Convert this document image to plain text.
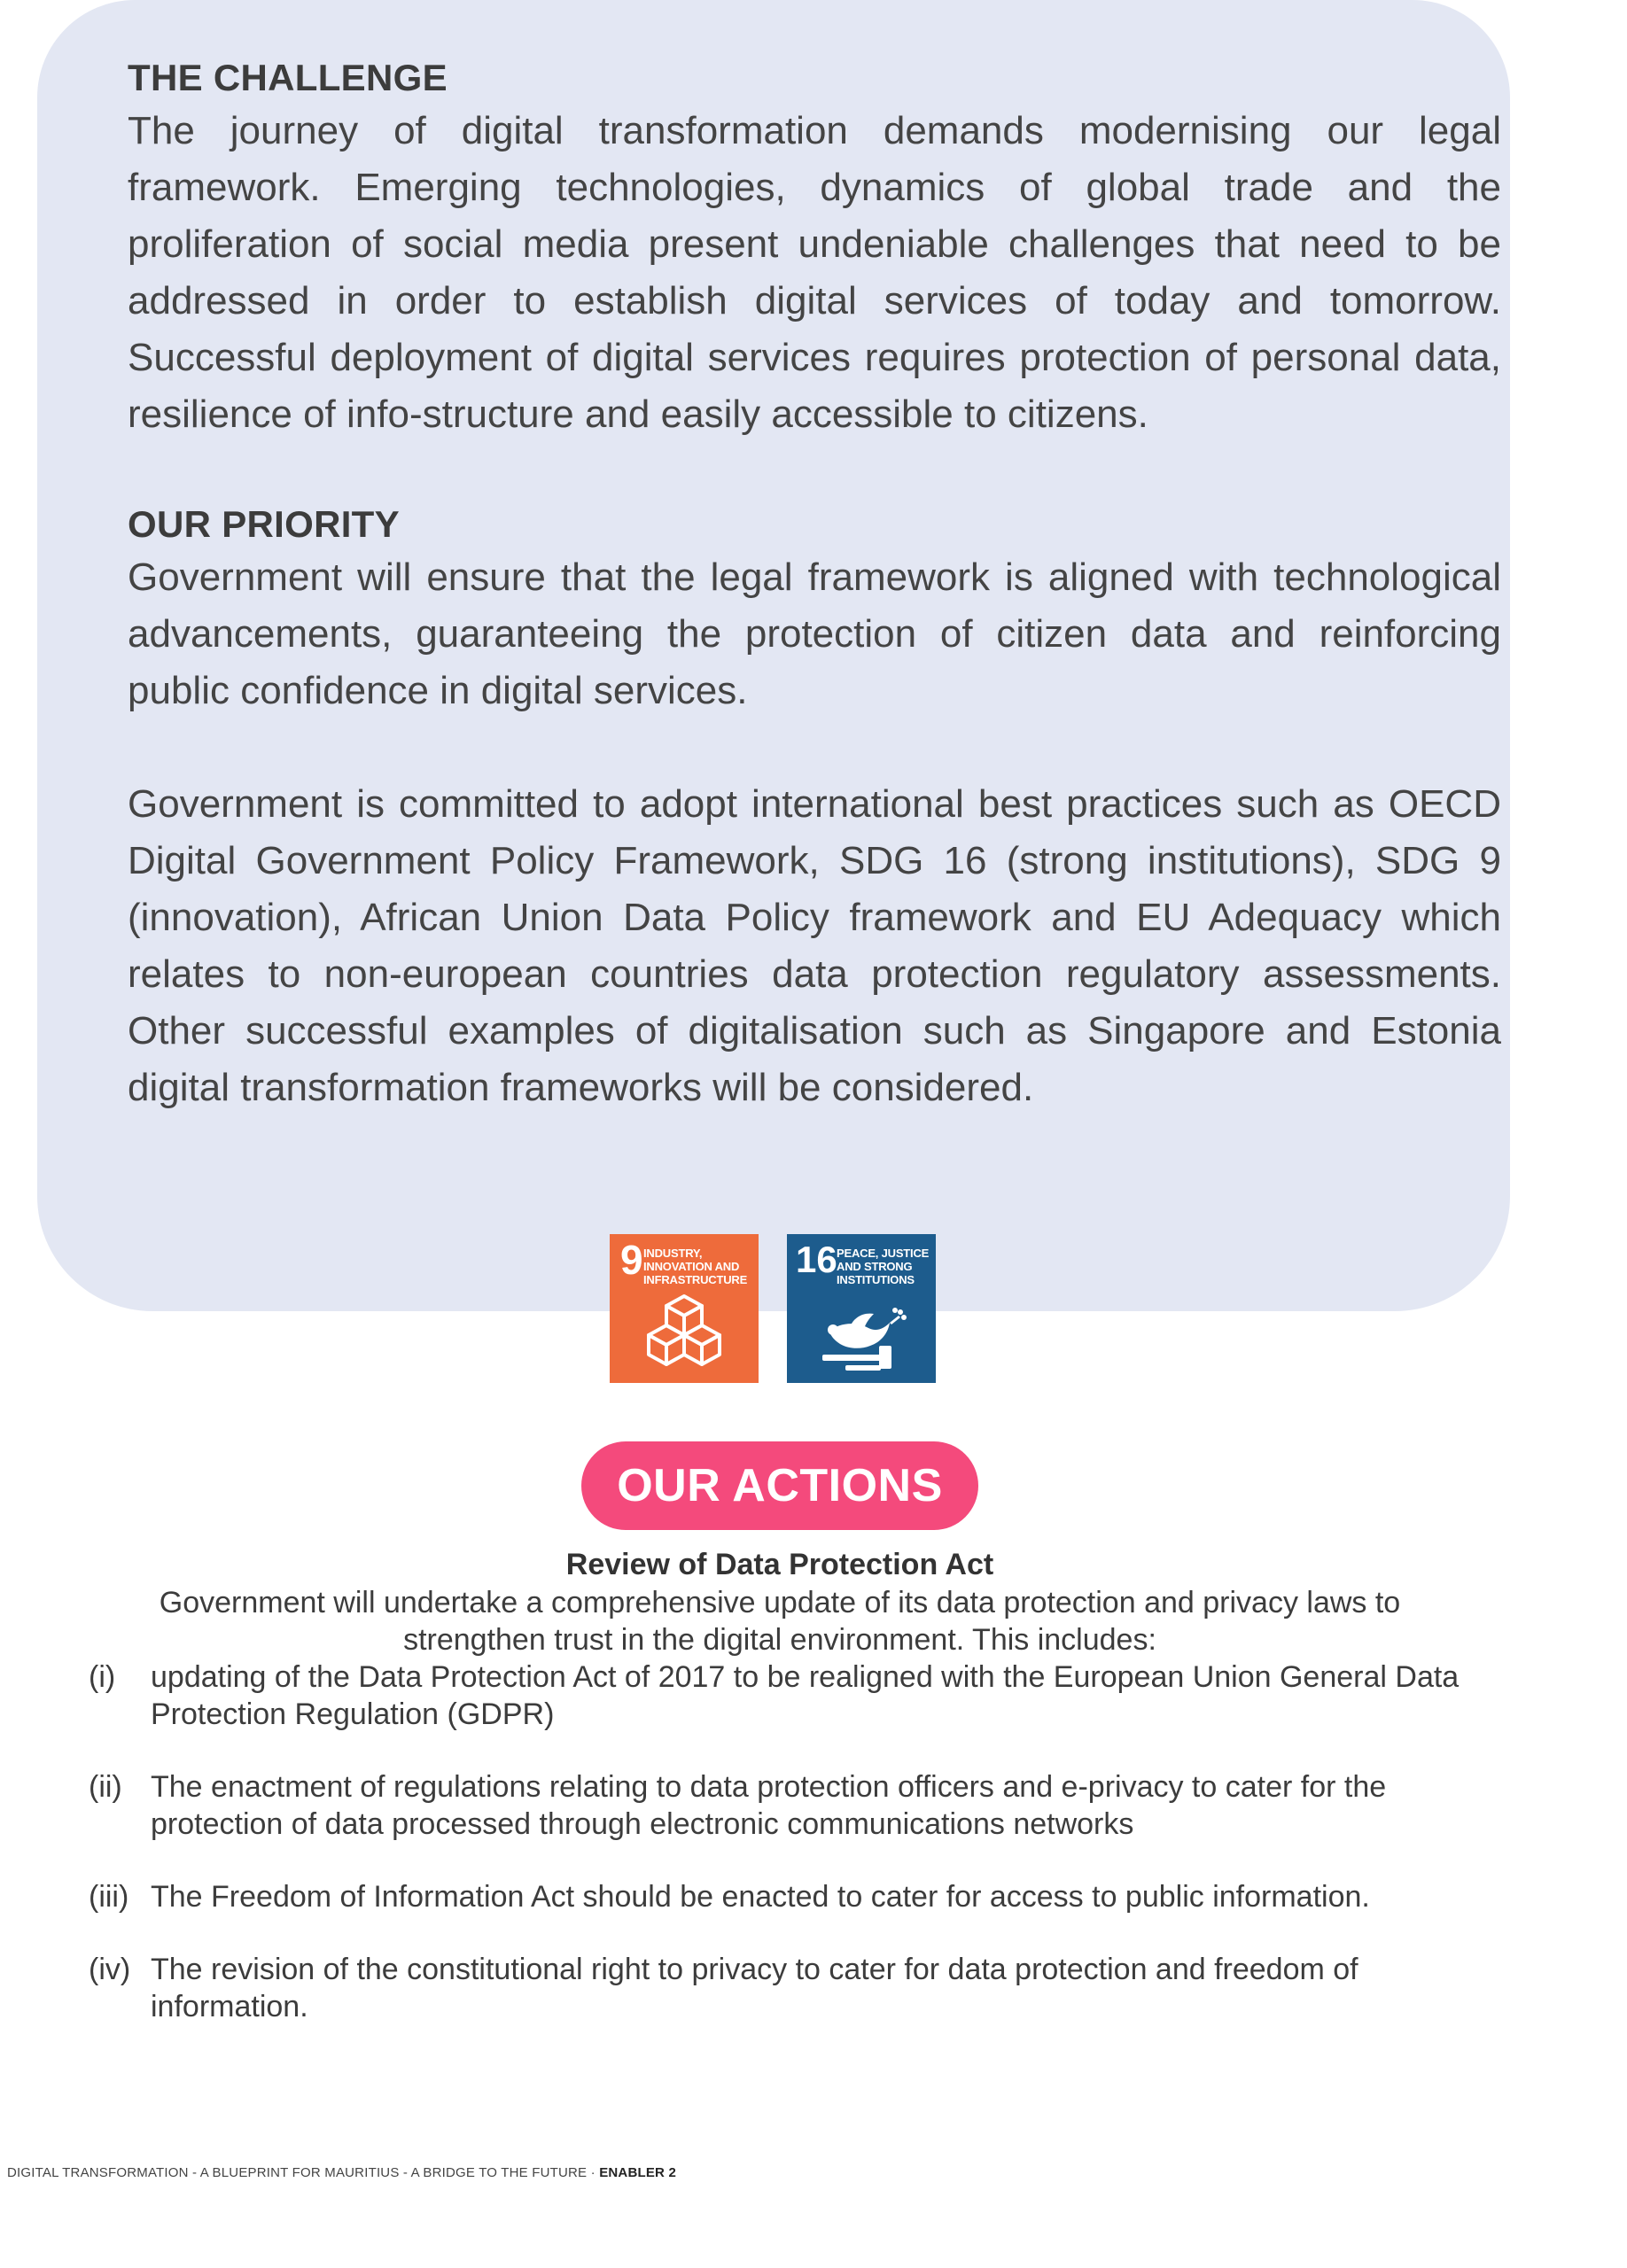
THE CHALLENGE

The journey of digital transformation demands modernising our legal framework. Emerging technologies, dynamics of global trade and the proliferation of social media present undeniable challenges that need to be addressed in order to establish digital services of today and tomorrow. Successful deployment of digital services requires protection of personal data, resilience of info-structure and easily accessible to citizens.

OUR PRIORITY

Government will ensure that the legal framework is aligned with technological advancements, guaranteeing the protection of citizen data and reinforcing public confidence in digital services.

Government is committed to adopt international best practices such as OECD Digital Government Policy Framework, SDG 16 (strong institutions), SDG 9 (innovation), African Union Data Policy framework and EU Adequacy which relates to non-european countries data protection regulatory assessments. Other successful examples of digitalisation such as Singapore and Estonia digital transformation frameworks will be considered.

9 INDUSTRY, INNOVATION AND INFRASTRUCTURE 16 PEACE, JUSTICE AND STRONG INSTITUTIONS
OUR ACTIONS

Review of Data Protection Act

Government will undertake a comprehensive update of its data protection and privacy laws to strengthen trust in the digital environment. This includes:

(i)	updating of the Data Protection Act of 2017 to be realigned with the European Union General Data Protection Regulation (GDPR)
(ii) The enactment of regulations relating to data protection officers and e-privacy to cater for the protection of data processed through electronic communications networks
(iii) The Freedom of Information Act should be enacted to cater for access to public information.
(iv) The revision of the constitutional right to privacy to cater for data protection and freedom of information.
DIGITAL TRANSFORMATION - A BLUEPRINT FOR MAURITIUS - A BRIDGE TO THE FUTURE · ENABLER 2
